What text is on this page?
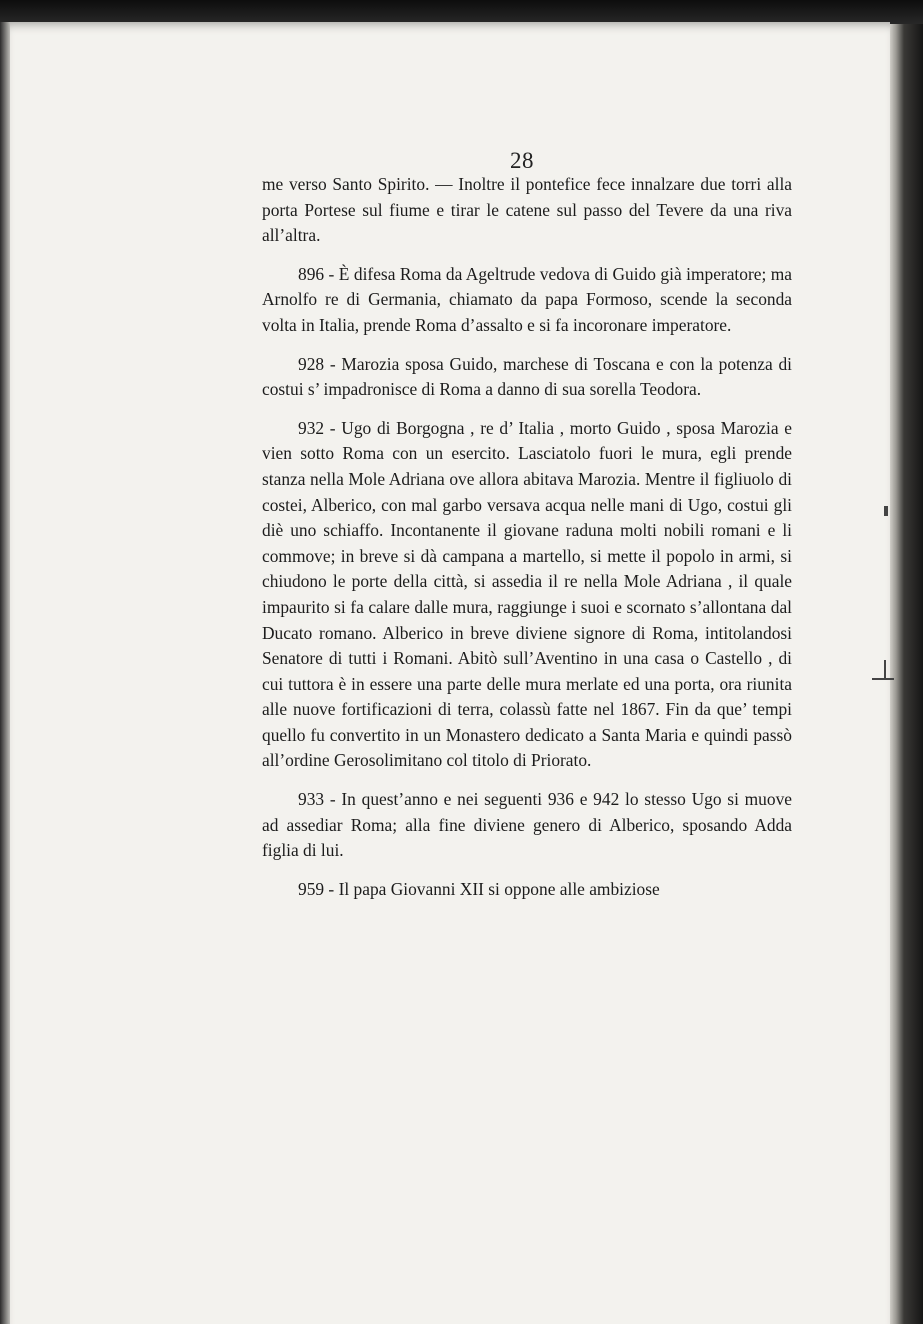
28

me verso Santo Spirito. — Inoltre il pontefice fece innalzare due torri alla porta Portese sul fiume e tirar le catene sul passo del Tevere da una riva all’altra.

896 - È difesa Roma da Ageltrude vedova di Guido già imperatore; ma Arnolfo re di Germania, chiamato da papa Formoso, scende la seconda volta in Italia, prende Roma d’assalto e si fa incoronare imperatore.

928 - Marozia sposa Guido, marchese di Toscana e con la potenza di costui s’ impadronisce di Roma a danno di sua sorella Teodora.

932 - Ugo di Borgogna , re d’ Italia , morto Guido , sposa Marozia e vien sotto Roma con un esercito. Lasciatolo fuori le mura, egli prende stanza nella Mole Adriana ove allora abitava Marozia. Mentre il figliuolo di costei, Alberico, con mal garbo versava acqua nelle mani di Ugo, costui gli diè uno schiaffo. Incontanente il giovane raduna molti nobili romani e li commove; in breve si dà campana a martello, si mette il popolo in armi, si chiudono le porte della città, si assedia il re nella Mole Adriana , il quale impaurito si fa calare dalle mura, raggiunge i suoi e scornato s’allontana dal Ducato romano. Alberico in breve diviene signore di Roma, intitolandosi Senatore di tutti i Romani. Abitò sull’Aventino in una casa o Castello , di cui tuttora è in essere una parte delle mura merlate ed una porta, ora riunita alle nuove fortificazioni di terra, colassù fatte nel 1867. Fin da que’ tempi quello fu convertito in un Monastero dedicato a Santa Maria e quindi passò all’ordine Gerosolimitano col titolo di Priorato.

933 - In quest’anno e nei seguenti 936 e 942 lo stesso Ugo si muove ad assediar Roma; alla fine diviene genero di Alberico, sposando Adda figlia di lui.

959 - Il papa Giovanni XII si oppone alle ambiziose
